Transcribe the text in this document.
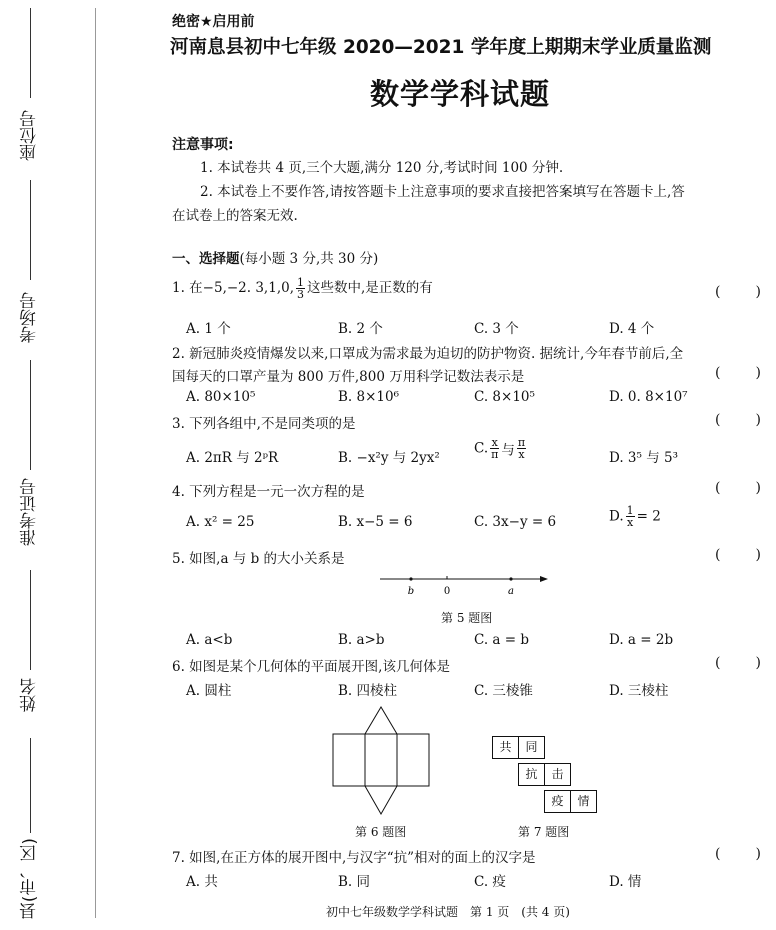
座位号
考场号
准考证号
姓名
县(市、区)
绝密★启用前
河南息县初中七年级 2020—2021 学年度上期期末学业质量监测
数学学科试题
注意事项:
1. 本试卷共 4 页,三个大题,满分 120 分,考试时间 100 分钟.
2. 本试卷上不要作答,请按答题卡上注意事项的要求直接把答案填写在答题卡上,答
在试卷上的答案无效.
一、选择题(每小题 3 分,共 30 分)
1. 在−5,−2. 3,1,0, $\frac{1}{3}$ 这些数中,是正数的有	(	)
A. 1 个	B. 2 个	C. 3 个	D. 4 个
2. 新冠肺炎疫情爆发以来,口罩成为需求最为迫切的防护物资. 据统计,今年春节前后,全
国每天的口罩产量为 800 万件,800 万用科学记数法表示是	(	)
A. 80×10⁵	B. 8×10⁶	C. 8×10⁵	D. 0. 8×10⁷
3. 下列各组中,不是同类项的是	(	)
A. 2πR 与 2ᵖR	B. −x²y 与 2yx²
C. $\frac{x}{\pi}$ 与 $\frac{\pi}{x}$	D. 3⁵ 与 5³
4. 下列方程是一元一次方程的是	(	)
A. x² = 25	B. x−5 = 6	C. 3x−y = 6	D. $\frac{1}{x} = 2$
5. 如图,a 与 b 的大小关系是	(	)
b	0	a
第 5 题图
A. a<b	B. a>b	C. a = b	D. a = 2b
6. 如图是某个几何体的平面展开图,该几何体是	(	)
A. 圆柱	B. 四棱柱	C. 三棱锥	D. 三棱柱
第 6 题图
共	同
抗	击
疫	情
第 7 题图
7. 如图,在正方体的展开图中,与汉字“抗”相对的面上的汉字是	(	)
A. 共	B. 同	C. 疫	D. 情
初中七年级数学学科试题　第 1 页　(共 4 页)
